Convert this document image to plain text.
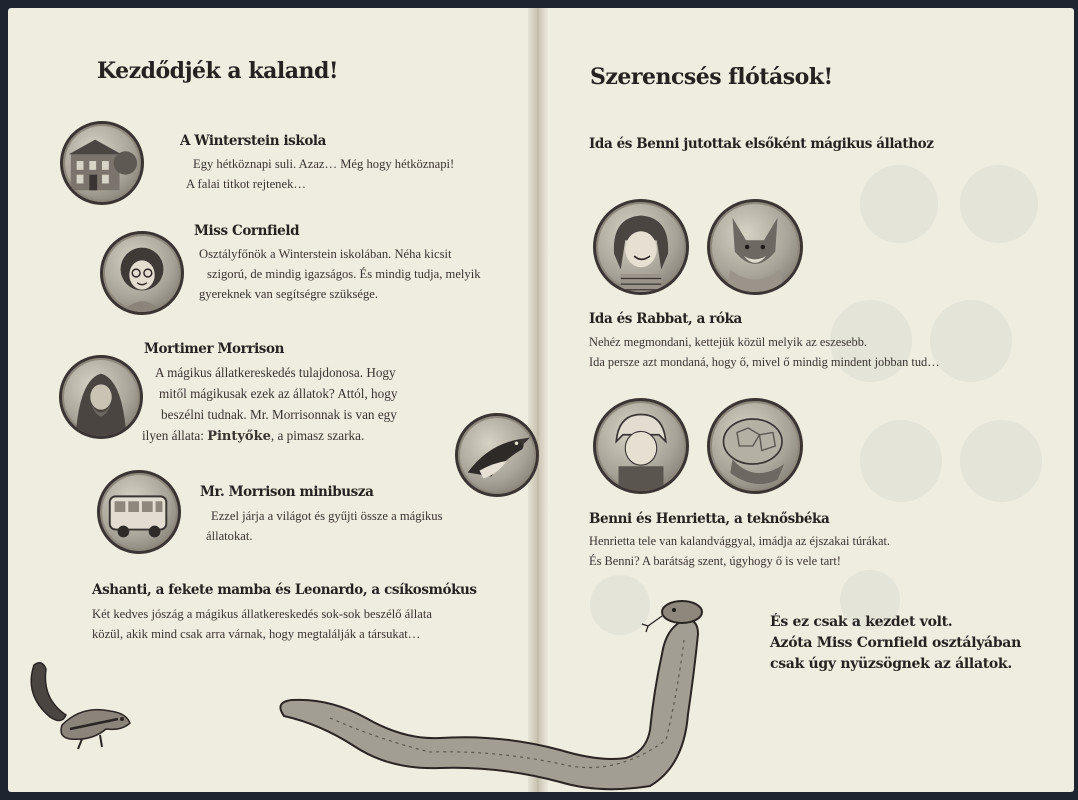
Kezdődjék a kaland!
A Winterstein iskola
Egy hétköznapi suli. Azaz… Még hogy hétköznapi!
A falai titkot rejtenek…
Miss Cornfield
Osztályfőnök a Winterstein iskolában. Néha kicsit
szigorú, de mindig igazságos. És mindig tudja, melyik
gyereknek van segítségre szüksége.
Mortimer Morrison
A mágikus állatkereskedés tulajdonosa. Hogy
mitől mágikusak ezek az állatok? Attól, hogy
beszélni tudnak. Mr. Morrisonnak is van egy
ilyen állata: Pintyőke, a pimasz szarka.
Mr. Morrison minibusza
Ezzel járja a világot és gyűjti össze a mágikus
állatokat.
Ashanti, a fekete mamba és Leonardo, a csíkosmókus
Két kedves jószág a mágikus állatkereskedés sok-sok beszélő állata
közül, akik mind csak arra várnak, hogy megtalálják a társukat…
Szerencsés flótások!
Ida és Benni jutottak elsőként mágikus állathoz
Ida és Rabbat, a róka
Nehéz megmondani, kettejük közül melyik az eszesebb.
Ida persze azt mondaná, hogy ő, mivel ő mindig mindent jobban tud…
Benni és Henrietta, a teknősbéka
Henrietta tele van kalandvággyal, imádja az éjszakai túrákat.
És Benni? A barátság szent, úgyhogy ő is vele tart!
És ez csak a kezdet volt.
Azóta Miss Cornfield osztályában
csak úgy nyüzsögnek az állatok.
